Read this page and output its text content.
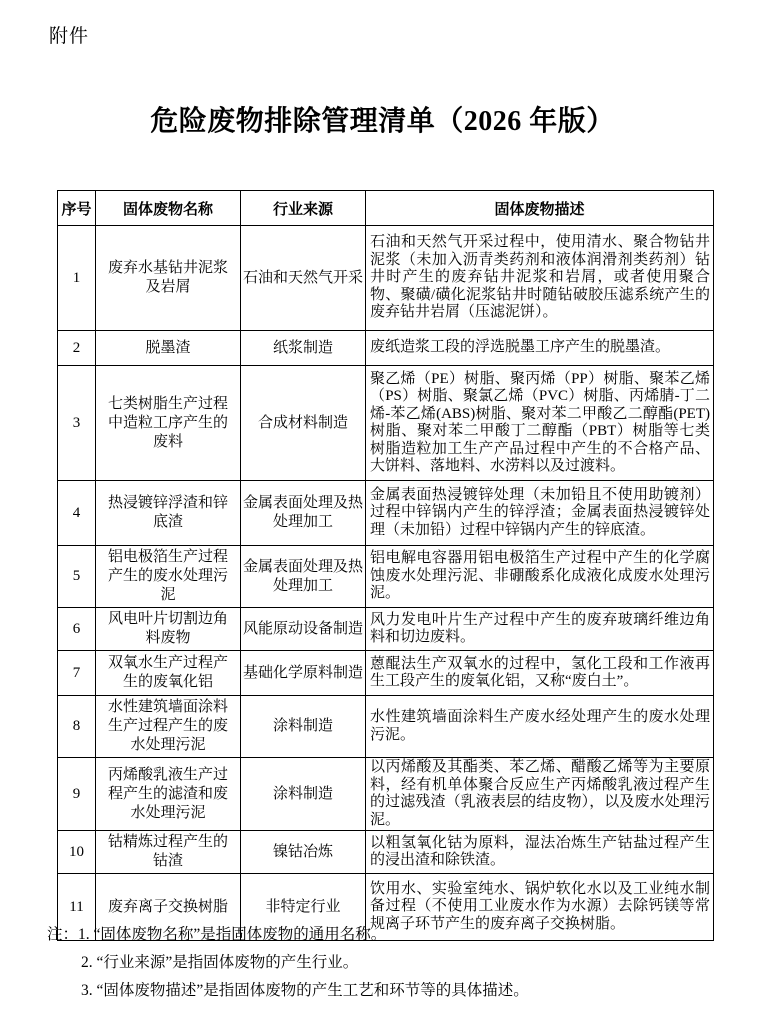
附件
危险废物排除管理清单（2026 年版）
序号	固体废物名称	行业来源	固体废物描述
1	废弃水基钻井泥浆及岩屑	石油和天然气开采	石油和天然气开采过程中，使用清水、聚合物钻井泥浆（未加入沥青类药剂和液体润滑剂类药剂）钻井时产生的废弃钻井泥浆和岩屑，或者使用聚合物、聚磺/磺化泥浆钻井时随钻破胶压滤系统产生的废弃钻井岩屑（压滤泥饼）。
2	脱墨渣	纸浆制造	废纸造浆工段的浮选脱墨工序产生的脱墨渣。
3	七类树脂生产过程中造粒工序产生的废料	合成材料制造	聚乙烯（PE）树脂、聚丙烯（PP）树脂、聚苯乙烯（PS）树脂、聚氯乙烯（PVC）树脂、丙烯腈-丁二烯-苯乙烯(ABS)树脂、聚对苯二甲酸乙二醇酯(PET)树脂、聚对苯二甲酸丁二醇酯（PBT）树脂等七类树脂造粒加工生产产品过程中产生的不合格产品、大饼料、落地料、水涝料以及过渡料。
4	热浸镀锌浮渣和锌底渣	金属表面处理及热处理加工	金属表面热浸镀锌处理（未加铅且不使用助镀剂）过程中锌锅内产生的锌浮渣；金属表面热浸镀锌处理（未加铅）过程中锌锅内产生的锌底渣。
5	铝电极箔生产过程产生的废水处理污泥	金属表面处理及热处理加工	铝电解电容器用铝电极箔生产过程中产生的化学腐蚀废水处理污泥、非硼酸系化成液化成废水处理污泥。
6	风电叶片切割边角料废物	风能原动设备制造	风力发电叶片生产过程中产生的废弃玻璃纤维边角料和切边废料。
7	双氧水生产过程产生的废氧化铝	基础化学原料制造	蒽醌法生产双氧水的过程中，氢化工段和工作液再生工段产生的废氧化铝，又称“废白土”。
8	水性建筑墙面涂料生产过程产生的废水处理污泥	涂料制造	水性建筑墙面涂料生产废水经处理产生的废水处理污泥。
9	丙烯酸乳液生产过程产生的滤渣和废水处理污泥	涂料制造	以丙烯酸及其酯类、苯乙烯、醋酸乙烯等为主要原料，经有机单体聚合反应生产丙烯酸乳液过程产生的过滤残渣（乳液表层的结皮物），以及废水处理污泥。
10	钴精炼过程产生的钴渣	镍钴冶炼	以粗氢氧化钴为原料，湿法冶炼生产钴盐过程产生的浸出渣和除铁渣。
11	废弃离子交换树脂	非特定行业	饮用水、实验室纯水、锅炉软化水以及工业纯水制备过程（不使用工业废水作为水源）去除钙镁等常规离子环节产生的废弃离子交换树脂。
注：1. “固体废物名称”是指固体废物的通用名称。
2. “行业来源”是指固体废物的产生行业。
3. “固体废物描述”是指固体废物的产生工艺和环节等的具体描述。
